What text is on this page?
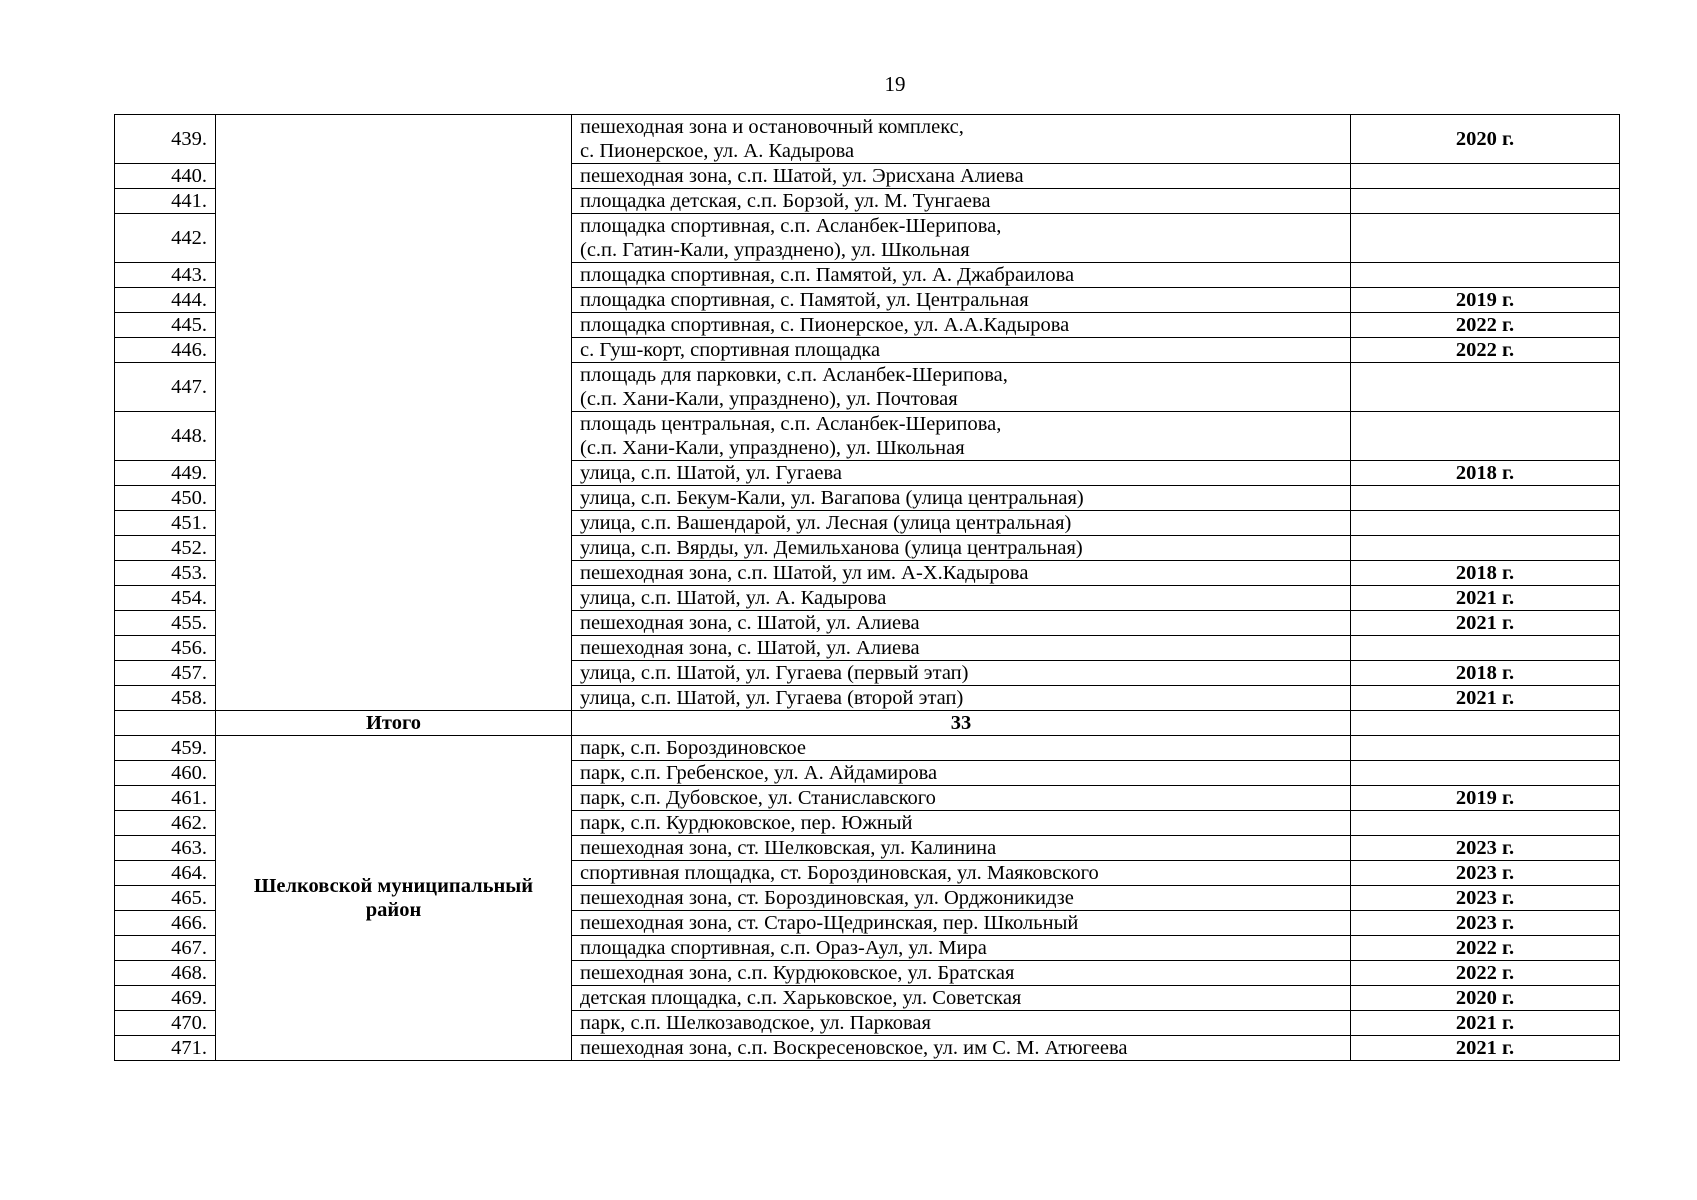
19
439.		пешеходная зона и остановочный комплекс,
с. Пионерское, ул. А. Кадырова	2020 г.
440.		пешеходная зона, с.п. Шатой, ул. Эрисхана Алиева	

441.		площадка детская, с.п. Борзой, ул. М. Тунгаева	

442.		площадка спортивная, с.п. Асланбек-Шерипова,
(с.п. Гатин-Кали, упразднено), ул. Школьная	

443.		площадка спортивная, с.п. Памятой, ул. А. Джабраилова	

444.		площадка спортивная, с. Памятой, ул. Центральная	2019 г.
445.		площадка спортивная, с. Пионерское, ул. А.А.Кадырова	2022 г.
446.		с. Гуш-корт, спортивная площадка	2022 г.
447.		площадь для парковки, с.п. Асланбек-Шерипова,
(с.п. Хани-Кали, упразднено), ул. Почтовая	

448.		площадь центральная, с.п. Асланбек-Шерипова,
(с.п. Хани-Кали, упразднено), ул. Школьная	

449.		улица, с.п. Шатой, ул. Гугаева	2018 г.
450.		улица, с.п. Бекум-Кали, ул. Вагапова (улица центральная)	

451.		улица, с.п. Вашендарой, ул. Лесная (улица центральная)	

452.		улица, с.п. Вярды, ул. Демильханова (улица центральная)	

453.		пешеходная зона, с.п. Шатой, ул им. А-Х.Кадырова	2018 г.
454.		улица, с.п. Шатой, ул. А. Кадырова	2021 г.
455.		пешеходная зона, с. Шатой, ул. Алиева	2021 г.
456.		пешеходная зона, с. Шатой, ул. Алиева	

457.		улица, с.п. Шатой, ул. Гугаева (первый этап)	2018 г.
458.		улица, с.п. Шатой, ул. Гугаева (второй этап)	2021 г.
	Итого	33	
459.	Шелковской муниципальный
район	парк, с.п. Бороздиновское	

460.		парк, с.п. Гребенское, ул. А. Айдамирова	

461.		парк, с.п. Дубовское, ул. Станиславского	2019 г.
462.		парк, с.п. Курдюковское, пер. Южный	

463.		пешеходная зона, ст. Шелковская, ул. Калинина	2023 г.
464.		спортивная площадка, ст. Бороздиновская, ул. Маяковского	2023 г.
465.		пешеходная зона, ст. Бороздиновская, ул. Орджоникидзе	2023 г.
466.		пешеходная зона, ст. Старо-Щедринская, пер. Школьный	2023 г.
467.		площадка спортивная, с.п. Ораз-Аул, ул. Мира	2022 г.
468.		пешеходная зона, с.п. Курдюковское, ул. Братская	2022 г.
469.		детская площадка, с.п. Харьковское, ул. Советская	2020 г.
470.		парк, с.п. Шелкозаводское, ул. Парковая	2021 г.
471.		пешеходная зона, с.п. Воскресеновское, ул. им С. М. Атюгеева	2021 г.
